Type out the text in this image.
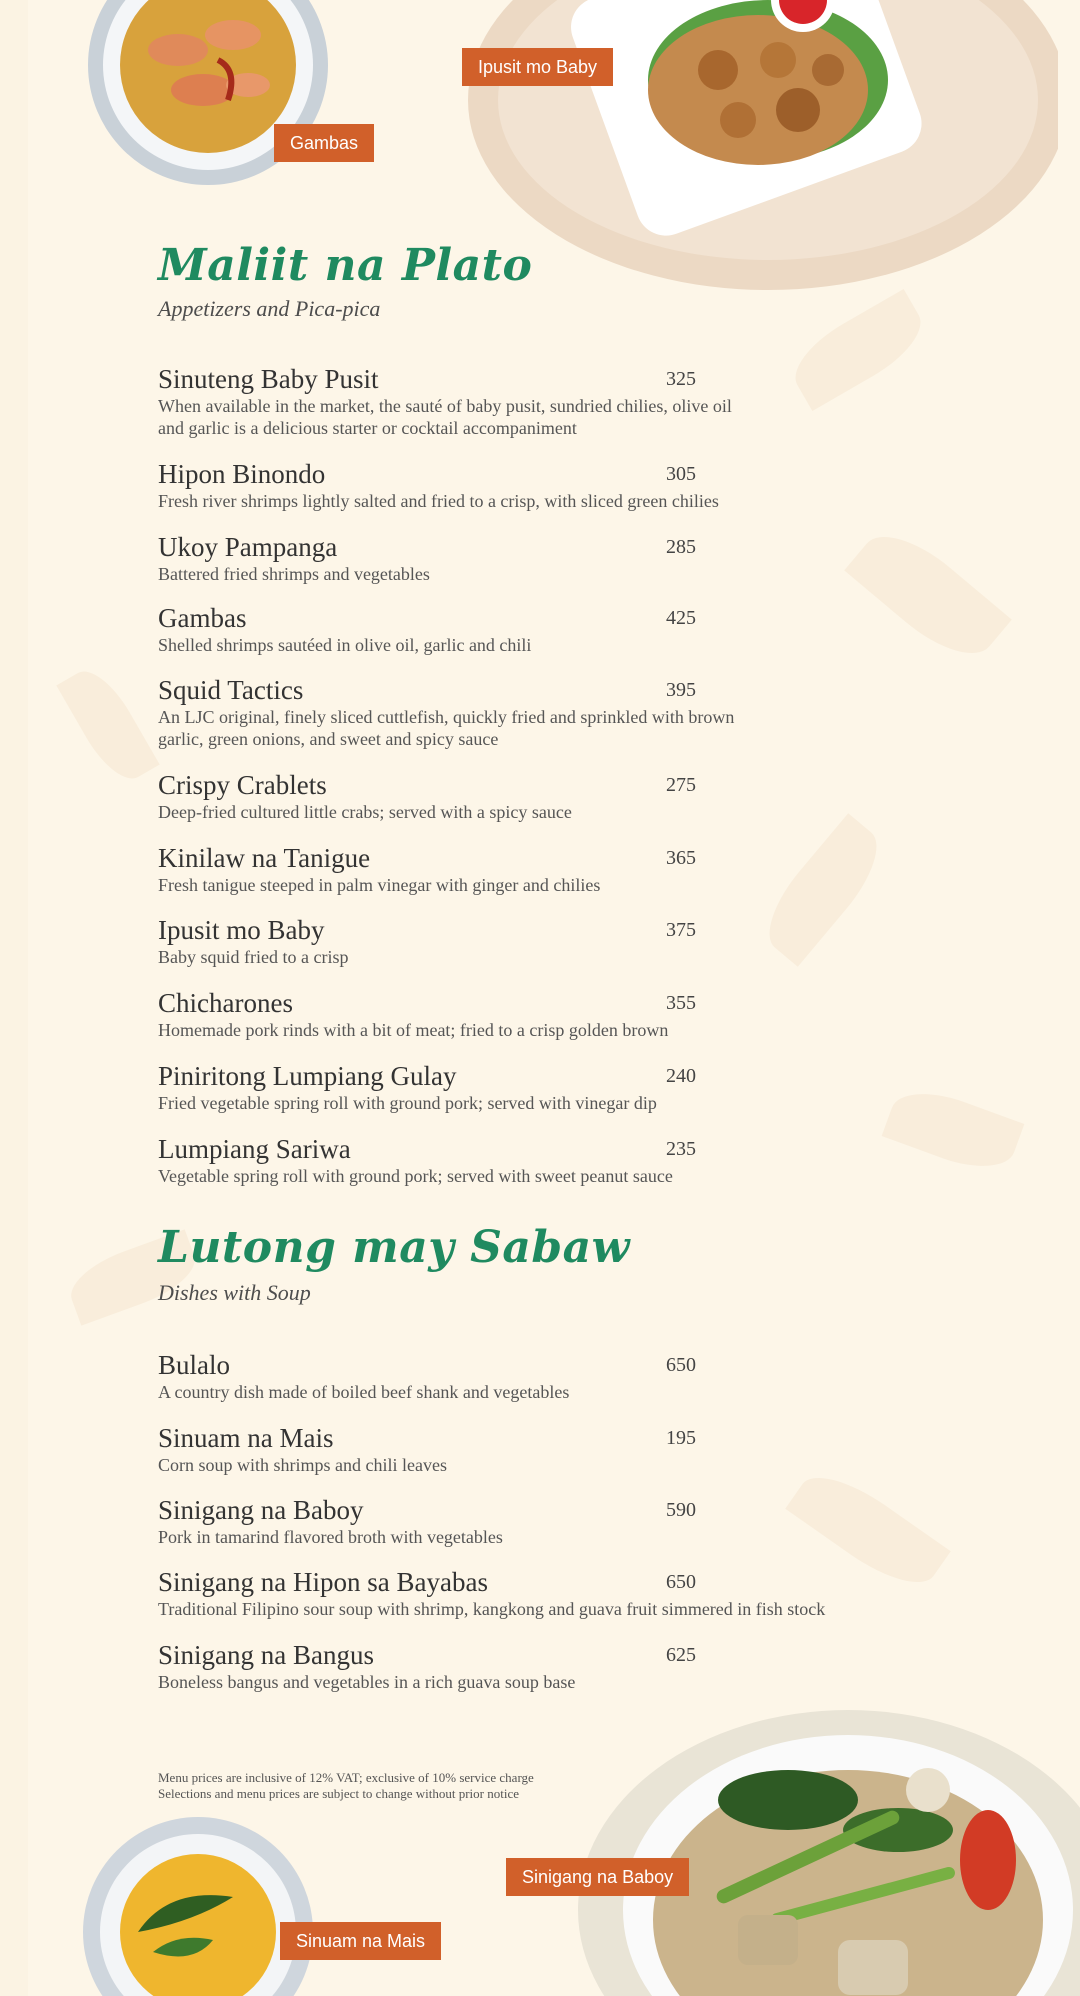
Gambas
Ipusit mo Baby
Maliit na Plato

Appetizers and Pica-pica

Sinuteng Baby Pusit	325
When available in the market, the sauté of baby pusit, sundried chilies, olive oil and garlic is a delicious starter or cocktail accompaniment
Hipon Binondo	305
Fresh river shrimps lightly salted and fried to a crisp, with sliced green chilies
Ukoy Pampanga	285
Battered fried shrimps and vegetables
Gambas	425
Shelled shrimps sautéed in olive oil, garlic and chili
Squid Tactics	395
An LJC original, finely sliced cuttlefish, quickly fried and sprinkled with brown garlic, green onions, and sweet and spicy sauce
Crispy Crablets	275
Deep-fried cultured little crabs; served with a spicy sauce
Kinilaw na Tanigue	365
Fresh tanigue steeped in palm vinegar with ginger and chilies
Ipusit mo Baby	375
Baby squid fried to a crisp
Chicharones	355
Homemade pork rinds with a bit of meat; fried to a crisp golden brown
Piniritong Lumpiang Gulay	240
Fried vegetable spring roll with ground pork; served with vinegar dip
Lumpiang Sariwa	235
Vegetable spring roll with ground pork; served with sweet peanut sauce
Lutong may Sabaw

Dishes with Soup

Bulalo	650
A country dish made of boiled beef shank and vegetables
Sinuam na Mais	195
Corn soup with shrimps and chili leaves
Sinigang na Baboy	590
Pork in tamarind flavored broth with vegetables
Sinigang na Hipon sa Bayabas	650
Traditional Filipino sour soup with shrimp, kangkong and guava fruit simmered in fish stock
Sinigang na Bangus	625
Boneless bangus and vegetables in a rich guava soup base
Menu prices are inclusive of 12% VAT; exclusive of 10% service charge
Selections and menu prices are subject to change without prior notice
Sinigang na Baboy
Sinuam na Mais
